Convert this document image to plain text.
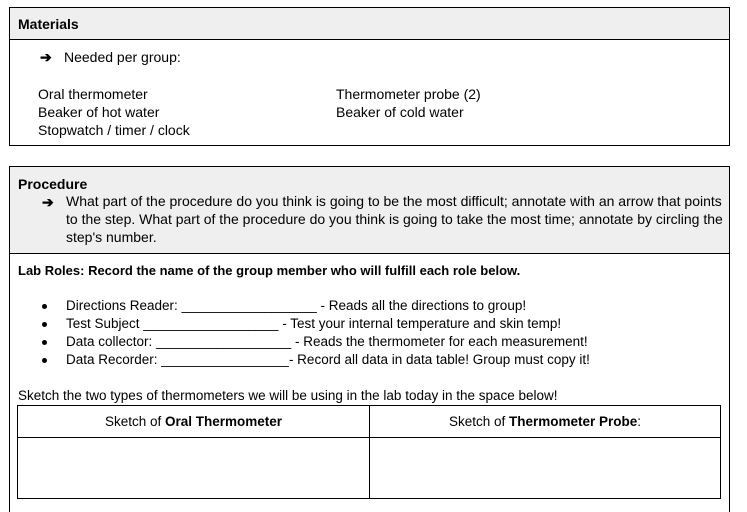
Materials
➔ Needed per group:
Oral thermometer
Beaker of hot water
Stopwatch / timer / clock
Thermometer probe (2)
Beaker of cold water
Procedure
➔ What part of the procedure do you think is going to be the most difficult; annotate with an arrow that points to the step. What part of the procedure do you think is going to take the most time; annotate by circling the step's number.
Lab Roles: Record the name of the group member who will fulfill each role below.
Directions Reader: __________________ - Reads all the directions to group!
Test Subject __________________ - Test your internal temperature and skin temp!
Data collector: __________________ - Reads the thermometer for each measurement!
Data Recorder: _________________- Record all data in data table! Group must copy it!
Sketch the two types of thermometers we will be using in the lab today in the space below!
Sketch of
Oral Thermometer	Sketch of
Thermometer Probe :
